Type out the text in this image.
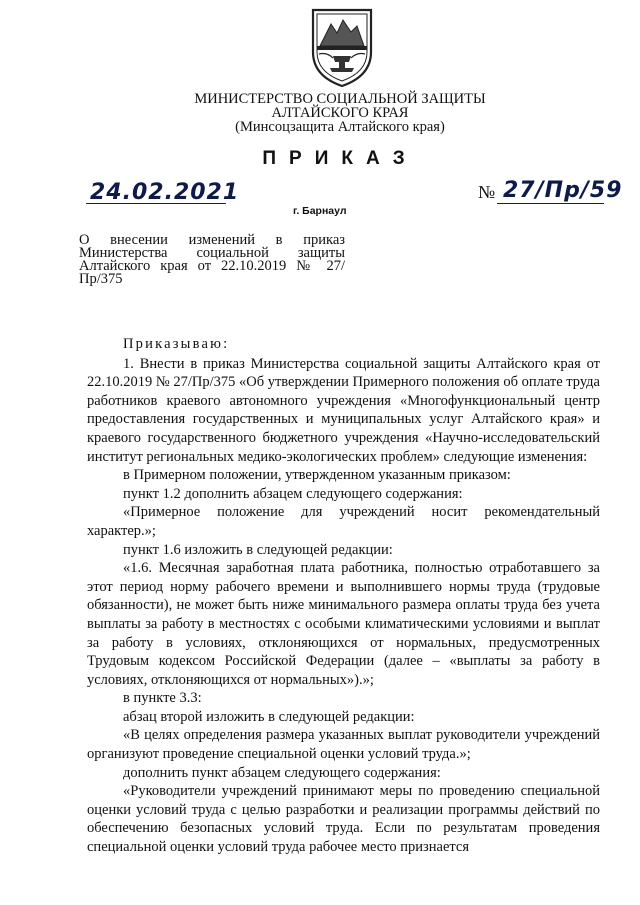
МИНИСТЕРСТВО СОЦИАЛЬНОЙ ЗАЩИТЫ
АЛТАЙСКОГО КРАЯ
(Минсоцзащита Алтайского края)
ПРИКАЗ
24.02.2021	№ 27/Пр/59
г. Барнаул
О внесении изменений в приказ Министерства социальной защиты Алтайского края от 22.10.2019 № 27/Пр/375

Приказываю:

1. Внести в приказ Министерства социальной защиты Алтайского края от 22.10.2019 № 27/Пр/375 «Об утверждении Примерного положения об оплате труда работников краевого автономного учреждения «Многофункциональный центр предоставления государственных и муниципальных услуг Алтайского края» и краевого государственного бюджетного учреждения «Научно-исследовательский институт региональных медико-экологических проблем» следующие изменения:

в Примерном положении, утвержденном указанным приказом:

пункт 1.2 дополнить абзацем следующего содержания:

«Примерное положение для учреждений носит рекомендательный характер.»;

пункт 1.6 изложить в следующей редакции:

«1.6. Месячная заработная плата работника, полностью отработавшего за этот период норму рабочего времени и выполнившего нормы труда (трудовые обязанности), не может быть ниже минимального размера оплаты труда без учета выплаты за работу в местностях с особыми климатическими условиями и выплат за работу в условиях, отклоняющихся от нормальных, предусмотренных Трудовым кодексом Российской Федерации (далее – «выплаты за работу в условиях, отклоняющихся от нормальных»).»;

в пункте 3.3:

абзац второй изложить в следующей редакции:

«В целях определения размера указанных выплат руководители учреждений организуют проведение специальной оценки условий труда.»;

дополнить пункт абзацем следующего содержания:

«Руководители учреждений принимают меры по проведению специальной оценки условий труда с целью разработки и реализации программы действий по обеспечению безопасных условий труда. Если по результатам проведения специальной оценки условий труда рабочее место признается
